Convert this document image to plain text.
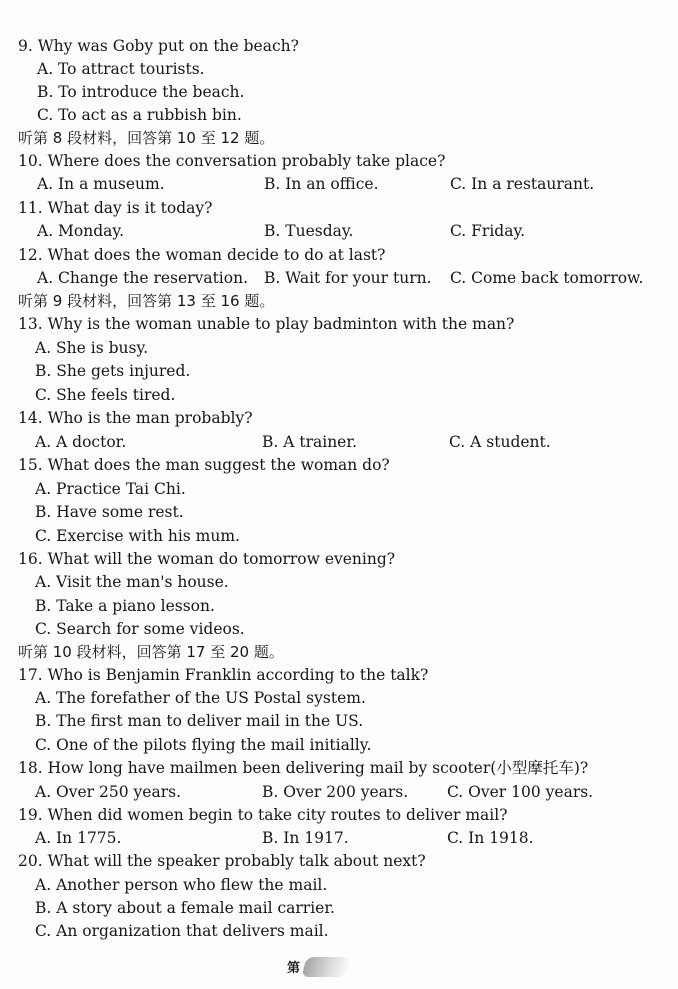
9. Why was Goby put on the beach?
A. To attract tourists.
B. To introduce the beach.
C. To act as a rubbish bin.
听第 8 段材料，回答第 10 至 12 题。
10. Where does the conversation probably take place?
A. In a museum.	B. In an office.	C. In a restaurant.
11. What day is it today?
A. Monday.	B. Tuesday.	C. Friday.
12. What does the woman decide to do at last?
A. Change the reservation. B. Wait for your turn. C. Come back tomorrow.
听第 9 段材料，回答第 13 至 16 题。
13. Why is the woman unable to play badminton with the man?
A. She is busy.
B. She gets injured.
C. She feels tired.
14. Who is the man probably?
A. A doctor.	B. A trainer.	C. A student.
15. What does the man suggest the woman do?
A. Practice Tai Chi.
B. Have some rest.
C. Exercise with his mum.
16. What will the woman do tomorrow evening?
A. Visit the man's house.
B. Take a piano lesson.
C. Search for some videos.
听第 10 段材料，回答第 17 至 20 题。
17. Who is Benjamin Franklin according to the talk?
A. The forefather of the US Postal system.
B. The first man to deliver mail in the US.
C. One of the pilots flying the mail initially.
18. How long have mailmen been delivering mail by scooter(小型摩托车)?
A. Over 250 years.	B. Over 200 years.	C. Over 100 years.
19. When did women begin to take city routes to deliver mail?
A. In 1775.	B. In 1917.	C. In 1918.
20. What will the speaker probably talk about next?
A. Another person who flew the mail.
B. A story about a female mail carrier.
C. An organization that delivers mail.
第
